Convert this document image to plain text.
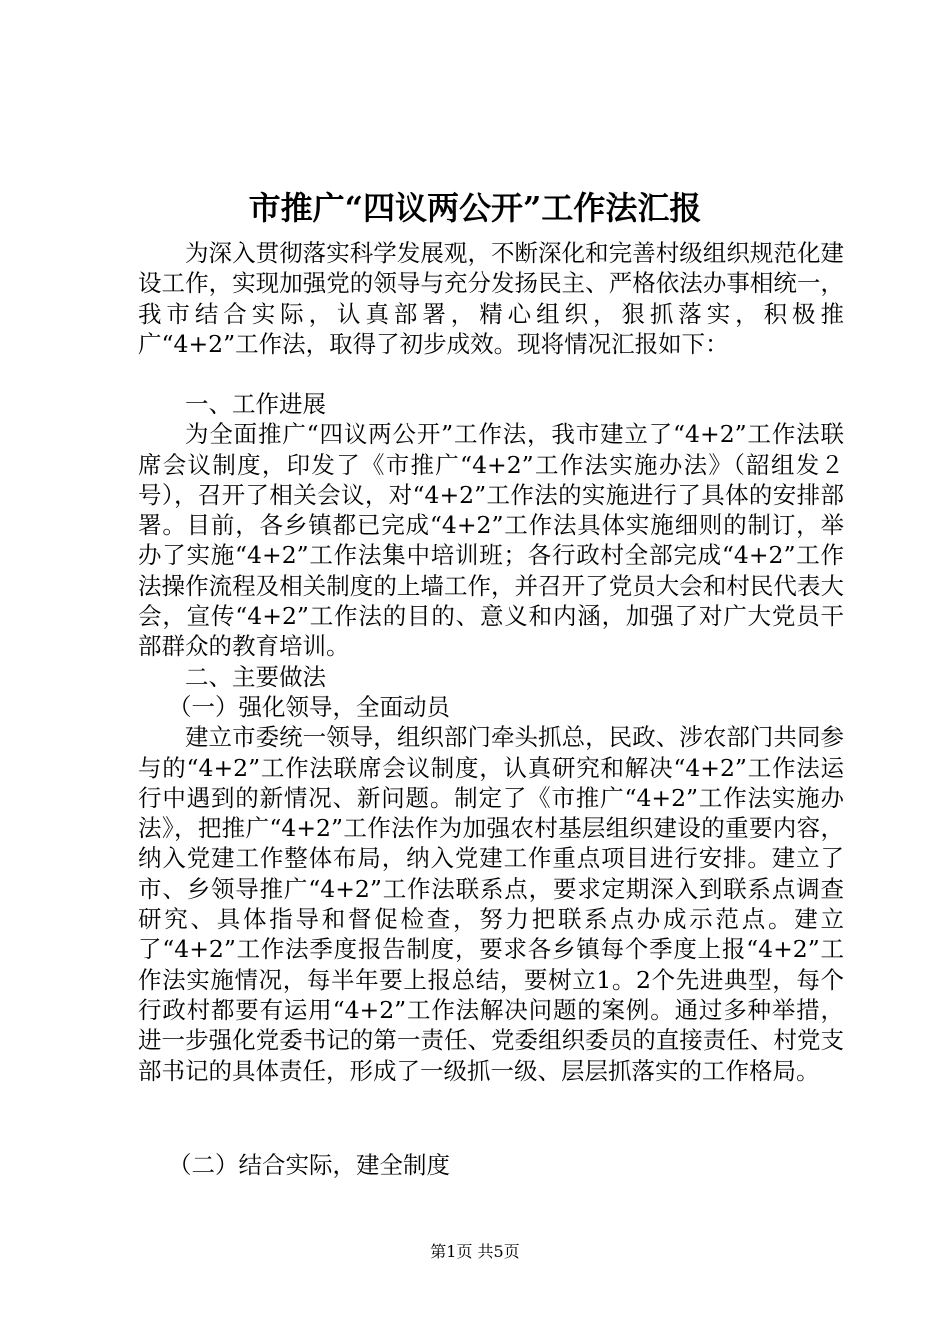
市推广“四议两公开”工作法汇报

为深入贯彻落实科学发展观，不断深化和完善村级组织规范化建设工作，实现加强党的领导与充分发扬民主、严格依法办事相统一，我市结合实际，认真部署，精心组织，狠抓落实，积极推广“4+2”工作法，取得了初步成效。现将情况汇报如下：

一、工作进展

为全面推广“四议两公开”工作法，我市建立了“4+2”工作法联席会议制度，印发了《市推广“4+2”工作法实施办法》（韶组发２号），召开了相关会议，对“4+2”工作法的实施进行了具体的安排部署。目前，各乡镇都已完成“4+2”工作法具体实施细则的制订，举办了实施“4+2”工作法集中培训班；各行政村全部完成“4+2”工作法操作流程及相关制度的上墙工作，并召开了党员大会和村民代表大会，宣传“4+2”工作法的目的、意义和内涵，加强了对广大党员干部群众的教育培训。

二、主要做法

（一）强化领导，全面动员

建立市委统一领导，组织部门牵头抓总，民政、涉农部门共同参与的“4+2”工作法联席会议制度，认真研究和解决“4+2”工作法运行中遇到的新情况、新问题。制定了《市推广“4+2”工作法实施办法》，把推广“4+2”工作法作为加强农村基层组织建设的重要内容，纳入党建工作整体布局，纳入党建工作重点项目进行安排。建立了市、乡领导推广“4+2”工作法联系点，要求定期深入到联系点调查研究、具体指导和督促检查，努力把联系点办成示范点。建立了“4+2”工作法季度报告制度，要求各乡镇每个季度上报“4+2”工作法实施情况，每半年要上报总结，要树立1。2个先进典型，每个行政村都要有运用“4+2”工作法解决问题的案例。通过多种举措，进一步强化党委书记的第一责任、党委组织委员的直接责任、村党支部书记的具体责任，形成了一级抓一级、层层抓落实的工作格局。

（二）结合实际，建全制度

第1页 共5页
